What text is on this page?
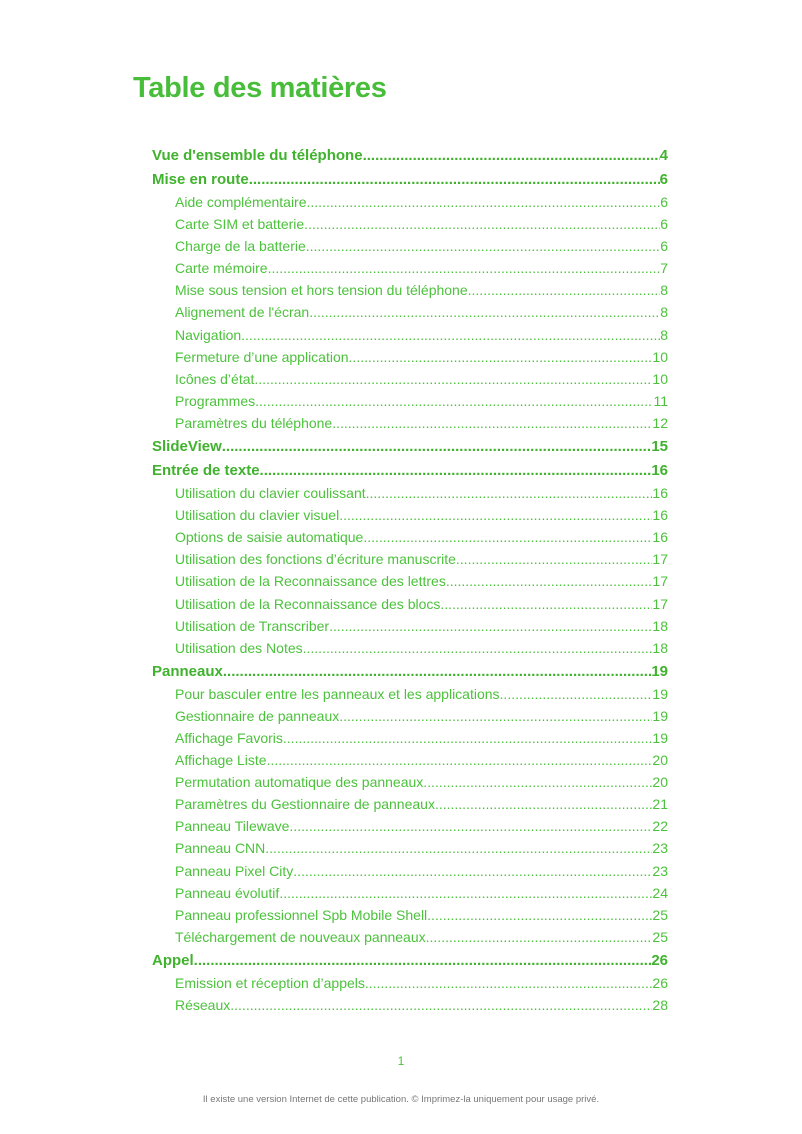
Table des matières
Vue d'ensemble du téléphone .....	4
Mise en route .....	6
Aide complémentaire .....	6
Carte SIM et batterie .....	6
Charge de la batterie .....	6
Carte mémoire .....	7
Mise sous tension et hors tension du téléphone .....	8
Alignement de l'écran .....	8
Navigation .....	8
Fermeture d’une application .....	10
Icônes d’état .....	10
Programmes .....	11
Paramètres du téléphone .....	12
SlideView .....	15
Entrée de texte .....	16
Utilisation du clavier coulissant .....	16
Utilisation du clavier visuel .....	16
Options de saisie automatique .....	16
Utilisation des fonctions d’écriture manuscrite .....	17
Utilisation de la Reconnaissance des lettres .....	17
Utilisation de la Reconnaissance des blocs .....	17
Utilisation de Transcriber .....	18
Utilisation des Notes .....	18
Panneaux .....	19
Pour basculer entre les panneaux et les applications .....	19
Gestionnaire de panneaux .....	19
Affichage Favoris .....	19
Affichage Liste .....	20
Permutation automatique des panneaux .....	20
Paramètres du Gestionnaire de panneaux .....	21
Panneau Tilewave .....	22
Panneau CNN .....	23
Panneau Pixel City .....	23
Panneau évolutif .....	24
Panneau professionnel Spb Mobile Shell .....	25
Téléchargement de nouveaux panneaux .....	25
Appel .....	26
Emission et réception d’appels .....	26
Réseaux .....	28
1
Il existe une version Internet de cette publication. © Imprimez-la uniquement pour usage privé.
